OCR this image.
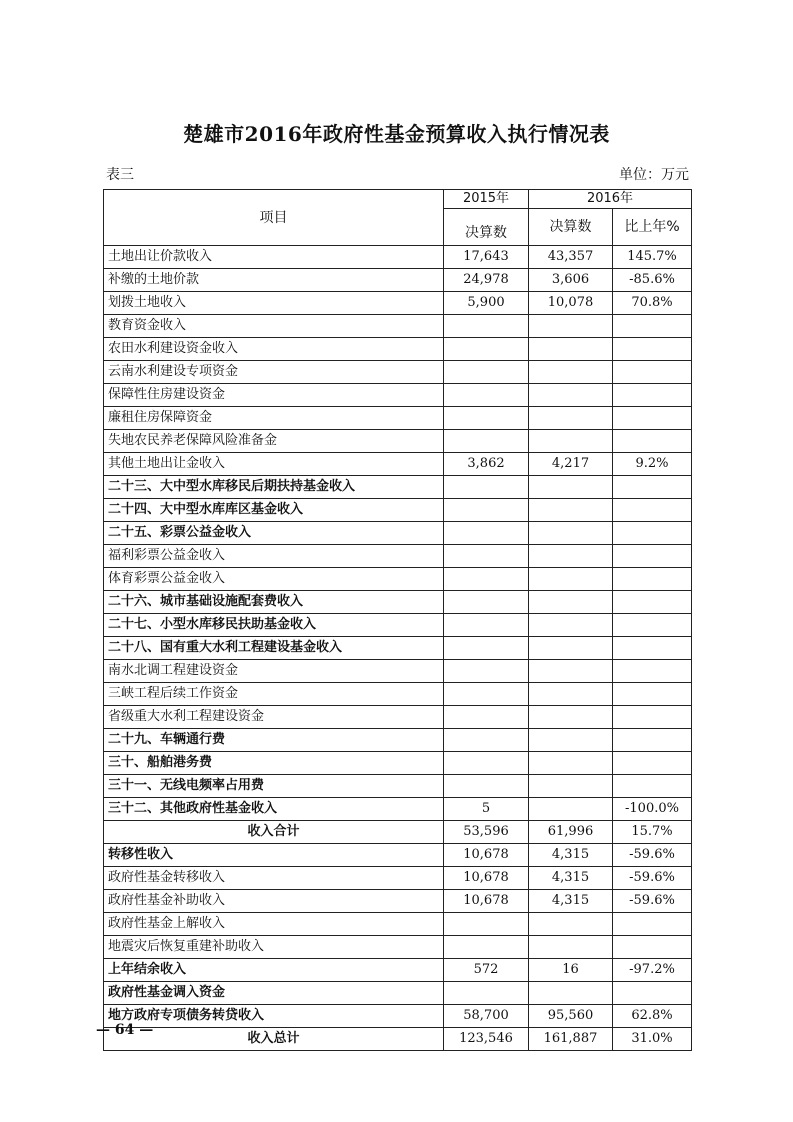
楚雄市2016年政府性基金预算收入执行情况表
表三	单位：万元
项目	2015年	2016年	
	决算数	决算数	比上年%
土地出让价款收入	17,643	43,357	145.7%
补缴的土地价款	24,978	3,606	-85.6%
划拨土地收入	5,900	10,078	70.8%
教育资金收入			
农田水利建设资金收入			
云南水利建设专项资金			
保障性住房建设资金			
廉租住房保障资金			
失地农民养老保障风险准备金			
其他土地出让金收入	3,862	4,217	9.2%
二十三、大中型水库移民后期扶持基金收入			
二十四、大中型水库库区基金收入			
二十五、彩票公益金收入			
福利彩票公益金收入			
体育彩票公益金收入			
二十六、城市基础设施配套费收入			
二十七、小型水库移民扶助基金收入			
二十八、国有重大水利工程建设基金收入			
南水北调工程建设资金			
三峡工程后续工作资金			
省级重大水利工程建设资金			
二十九、车辆通行费			
三十、船舶港务费			
三十一、无线电频率占用费			
三十二、其他政府性基金收入	5		-100.0%
收入合计	53,596	61,996	15.7%
转移性收入	10,678	4,315	-59.6%
政府性基金转移收入	10,678	4,315	-59.6%
政府性基金补助收入	10,678	4,315	-59.6%
政府性基金上解收入			
地震灾后恢复重建补助收入			
上年结余收入	572	16	-97.2%
政府性基金调入资金			
地方政府专项债务转贷收入	58,700	95,560	62.8%
收入总计	123,546	161,887	31.0%
— 64 —
